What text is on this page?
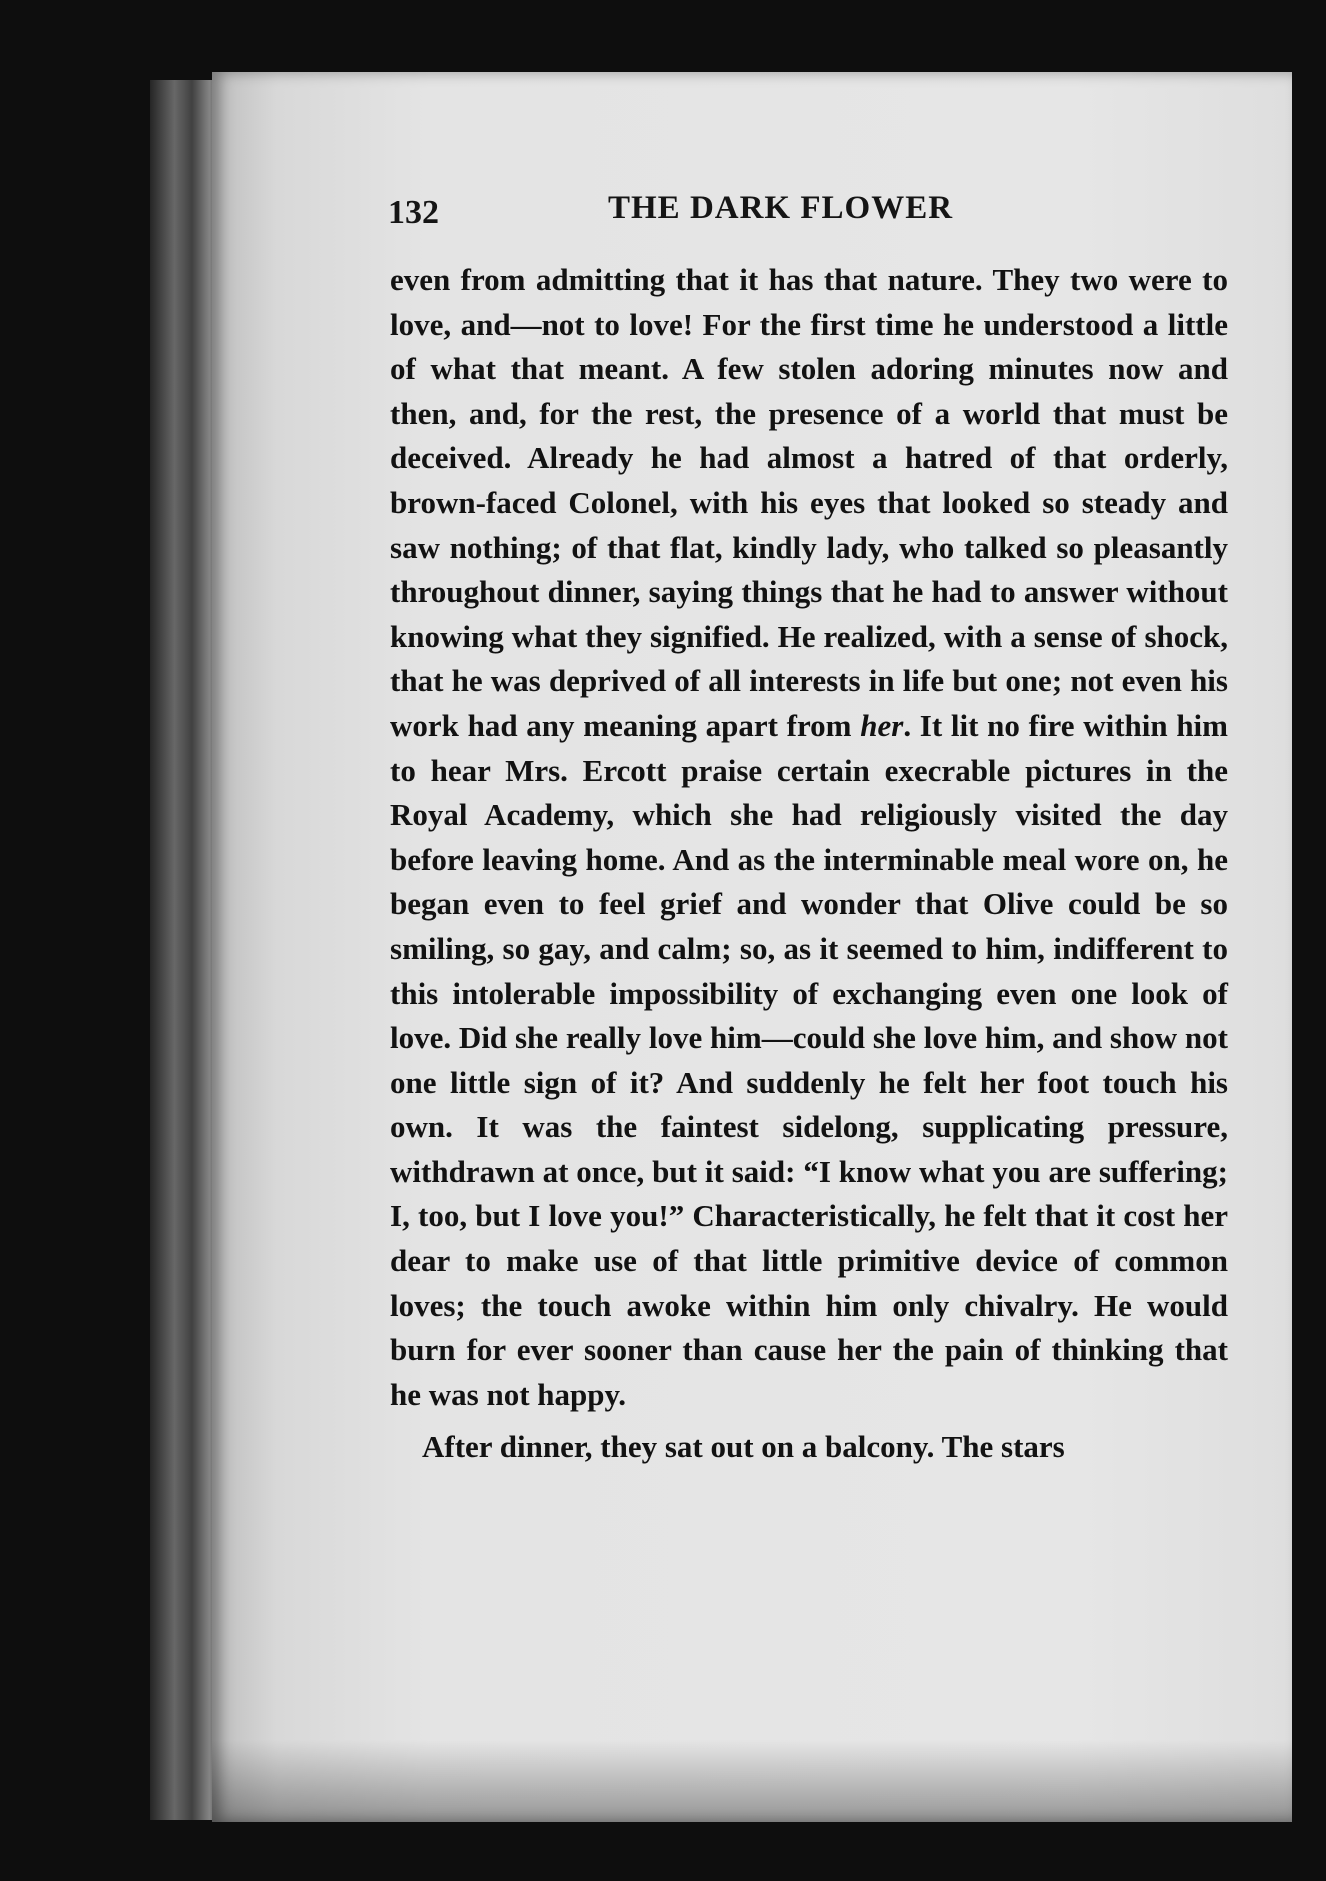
132	THE DARK FLOWER

even from admitting that it has that nature. They two were to love, and—not to love! For the first time he understood a little of what that meant. A few stolen adoring minutes now and then, and, for the rest, the presence of a world that must be deceived. Already he had almost a hatred of that orderly, brown-faced Colonel, with his eyes that looked so steady and saw nothing; of that flat, kindly lady, who talked so pleasantly throughout dinner, saying things that he had to answer without knowing what they signified. He realized, with a sense of shock, that he was deprived of all interests in life but one; not even his work had any meaning apart from her. It lit no fire within him to hear Mrs. Ercott praise certain execrable pictures in the Royal Academy, which she had religiously visited the day before leaving home. And as the interminable meal wore on, he began even to feel grief and wonder that Olive could be so smiling, so gay, and calm; so, as it seemed to him, indifferent to this intolerable impossibility of exchanging even one look of love. Did she really love him—could she love him, and show not one little sign of it? And suddenly he felt her foot touch his own. It was the faintest sidelong, supplicating pressure, withdrawn at once, but it said: “I know what you are suffering; I, too, but I love you!” Characteristically, he felt that it cost her dear to make use of that little primitive device of common loves; the touch awoke within him only chivalry. He would burn for ever sooner than cause her the pain of thinking that he was not happy.

After dinner, they sat out on a balcony. The stars
